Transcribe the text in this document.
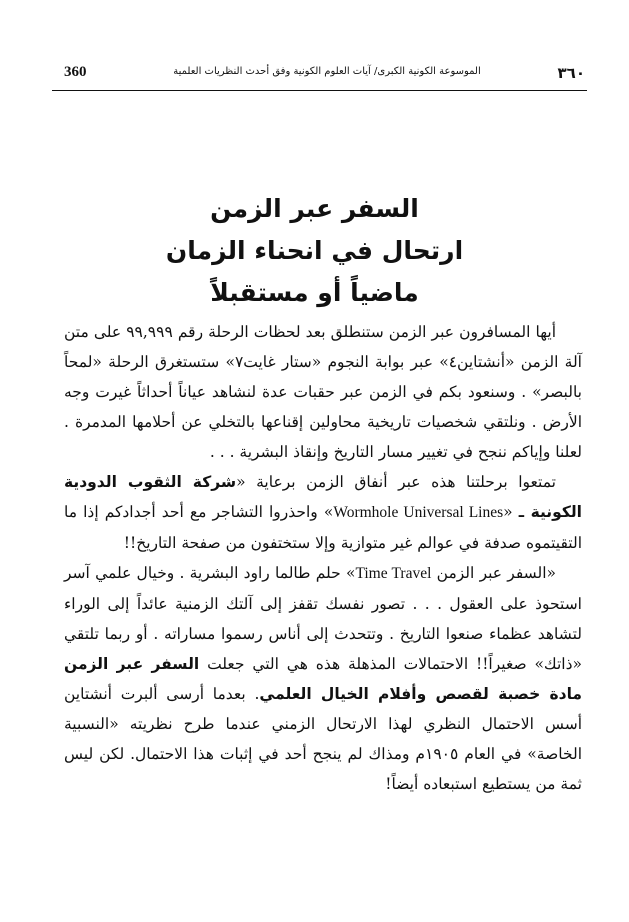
360	الموسوعة الكونية الكبرى/ آيات العلوم الكونية وفق أحدث النظريات العلمية	٣٦٠
السفر عبر الزمن
ارتحال في انحناء الزمان
ماضياً أو مستقبلاً

أيها المسافرون عبر الزمن ستنطلق بعد لحظات الرحلة رقم ٩٩,٩٩٩ على متن آلة الزمن «أنشتاين٤» عبر بوابة النجوم «ستار غايت٧» ستستغرق الرحلة «لمحاً بالبصر» . وسنعود بكم في الزمن عبر حقبات عدة لنشاهد عياناً أحداثاً غيرت وجه الأرض . ونلتقي شخصيات تاريخية محاولين إقناعها بالتخلي عن أحلامها المدمرة . لعلنا وإياكم ننجح في تغيير مسار التاريخ وإنقاذ البشرية . . .

تمتعوا برحلتنا هذه عبر أنفاق الزمن برعاية «شركة الثقوب الدودية الكونية ـ «Wormhole Universal Lines» واحذروا التشاجر مع أحد أجدادكم إذا ما التقيتموه صدفة في عوالم غير متوازية وإلا ستختفون من صفحة التاريخ!!

«السفر عبر الزمن Time Travel» حلم طالما راود البشرية . وخيال علمي آسر استحوذ على العقول . . . تصور نفسك تقفز إلى آلتك الزمنية عائداً إلى الوراء لتشاهد عظماء صنعوا التاريخ . وتتحدث إلى أناس رسموا مساراته . أو ربما تلتقي «ذاتك» صغيراً!! الاحتمالات المذهلة هذه هي التي جعلت السفر عبر الزمن مادة خصبة لقصص وأفلام الخيال العلمي. بعدما أرسى ألبرت أنشتاين أسس الاحتمال النظري لهذا الارتحال الزمني عندما طرح نظريته «النسبية الخاصة» في العام ١٩٠٥م ومذاك لم ينجح أحد في إثبات هذا الاحتمال. لكن ليس ثمة من يستطيع استبعاده أيضاً!
